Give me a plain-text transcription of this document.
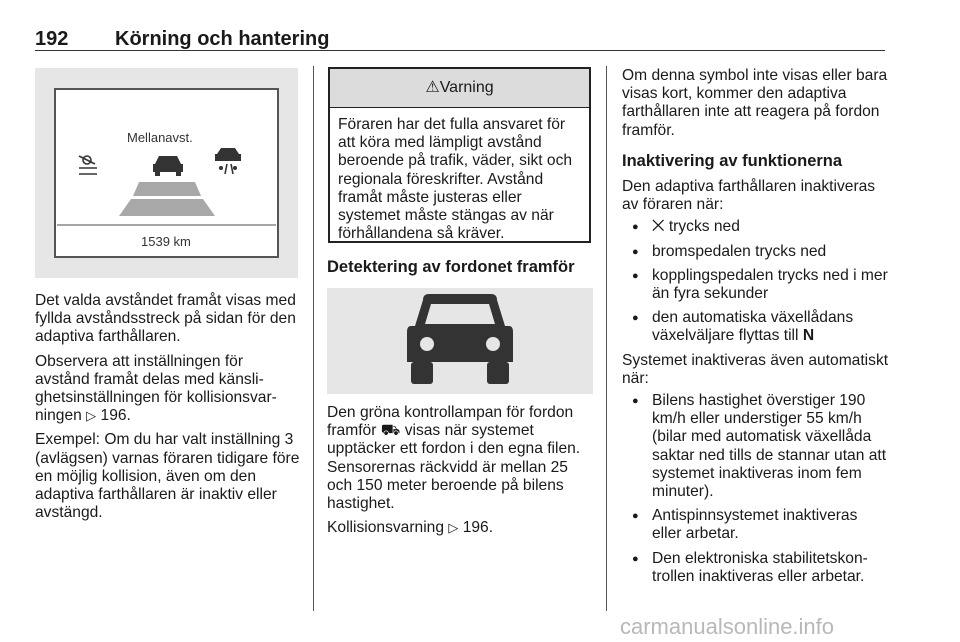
192 Körning och hantering
Mellanavst.
1539 km

Det valda avståndet framåt visas med fyllda avståndsstreck på sidan för den adaptiva farthållaren.

Observera att inställningen för avstånd framåt delas med känslighetsinställningen för kollisionsvarningen ▷ 196.

Exempel: Om du har valt inställning 3 (avlägsen) varnas föraren tidigare före en möjlig kollision, även om den adaptiva farthållaren är inaktiv eller avstängd.

⚠Varning
Föraren har det fulla ansvaret för att köra med lämpligt avstånd beroende på trafik, väder, sikt och regionala föreskrifter. Avstånd framåt måste justeras eller systemet måste stängas av när förhållandena så kräver.
Detektering av fordonet framför

Den gröna kontrollampan för fordon framför ⛟ visas när systemet upptäcker ett fordon i den egna filen. Sensorernas räckvidd är mellan 25 och 150 meter beroende på bilens hastighet.

Kollisionsvarning ▷ 196.

Om denna symbol inte visas eller bara visas kort, kommer den adaptiva farthållaren inte att reagera på fordon framför.

Inaktivering av funktionerna

Den adaptiva farthållaren inaktiveras av föraren när:

● ⨉ trycks ned
● bromspedalen trycks ned
● kopplingspedalen trycks ned i mer än fyra sekunder
● den automatiska växellådans växelväljare flyttas till N

Systemet inaktiveras även automatiskt när:

● Bilens hastighet överstiger 190 km/h eller understiger 55 km/h (bilar med automatisk växellåda saktar ned tills de stannar utan att systemet inaktiveras inom fem minuter).
● Antispinnsystemet inaktiveras eller arbetar.
● Den elektroniska stabilitetskontrollen inaktiveras eller arbetar.
carmanualsonline.info
